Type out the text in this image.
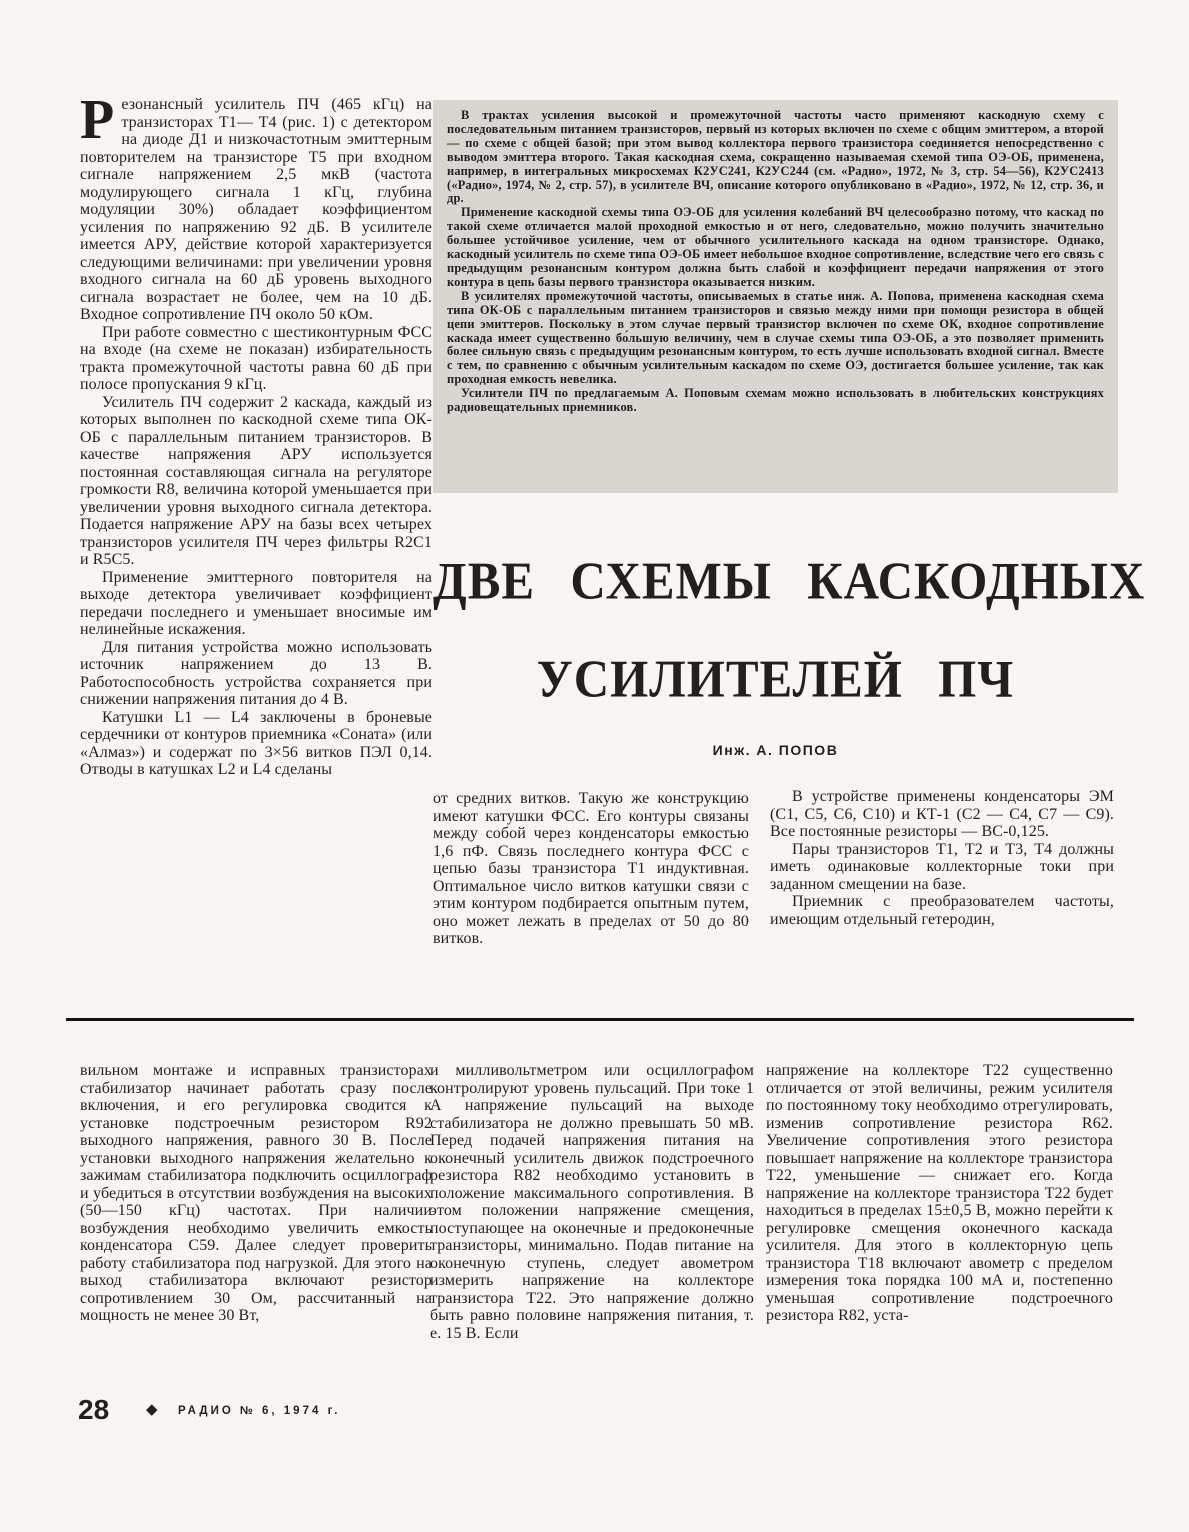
Резонансный усилитель ПЧ (465 кГц) на транзисторах Т1— Т4 (рис. 1) с детектором на диоде Д1 и низкочастотным эмиттерным повторителем на транзисторе Т5 при входном сигнале напряжением 2,5 мкВ (частота модулирующего сигнала 1 кГц, глубина модуляции 30%) обладает коэффициентом усиления по напряжению 92 дБ. В усилителе имеется АРУ, действие которой характеризуется следующими величинами: при увеличении уровня входного сигнала на 60 дБ уровень выходного сигнала возрастает не более, чем на 10 дБ. Входное сопротивление ПЧ около 50 кОм.

При работе совместно с шестиконтурным ФСС на входе (на схеме не показан) избирательность тракта промежуточной частоты равна 60 дБ при полосе пропускания 9 кГц.

Усилитель ПЧ содержит 2 каскада, каждый из которых выполнен по каскодной схеме типа ОК-ОБ с параллельным питанием транзисторов. В качестве напряжения АРУ используется постоянная составляющая сигнала на регуляторе громкости R8, величина которой уменьшается при увеличении уровня выходного сигнала детектора. Подается напряжение АРУ на базы всех четырех транзисторов усилителя ПЧ через фильтры R2C1 и R5C5.

Применение эмиттерного повторителя на выходе детектора увеличивает коэффициент передачи последнего и уменьшает вносимые им нелинейные искажения.

Для питания устройства можно использовать источник напряжением до 13 В. Работоспособность устройства сохраняется при снижении напряжения питания до 4 В.

Катушки L1 — L4 заключены в броневые сердечники от контуров приемника «Соната» (или «Алмаз») и содержат по 3×56 витков ПЭЛ 0,14. Отводы в катушках L2 и L4 сделаны

В трактах усиления высокой и промежуточной частоты часто применяют каскодную схему с последовательным питанием транзисторов, первый из которых включен по схеме с общим эмиттером, а второй — по схеме с общей базой; при этом вывод коллектора первого транзистора соединяется непосредственно с выводом эмиттера второго. Такая каскодная схема, сокращенно называемая схемой типа ОЭ-ОБ, применена, например, в интегральных микросхемах К2УС241, К2УС244 (см. «Радио», 1972, № 3, стр. 54—56), К2УС2413 («Радио», 1974, № 2, стр. 57), в усилителе ВЧ, описание которого опубликовано в «Радио», 1972, № 12, стр. 36, и др.

Применение каскодной схемы типа ОЭ-ОБ для усиления колебаний ВЧ целесообразно потому, что каскад по такой схеме отличается малой проходной емкостью и от него, следовательно, можно получить значительно большее устойчивое усиление, чем от обычного усилительного каскада на одном транзисторе. Однако, каскодный усилитель по схеме типа ОЭ-ОБ имеет небольшое входное сопротивление, вследствие чего его связь с предыдущим резонансным контуром должна быть слабой и коэффициент передачи напряжения от этого контура в цепь базы первого транзистора оказывается низким.

В усилителях промежуточной частоты, описываемых в статье инж. А. Попова, применена каскодная схема типа ОК-ОБ с параллельным питанием транзисторов и связью между ними при помощи резистора в общей цепи эмиттеров. Поскольку в этом случае первый транзистор включен по схеме ОК, входное сопротивление каскада имеет существенно бо́льшую величину, чем в случае схемы типа ОЭ-ОБ, а это позволяет применить более сильную связь с предыдущим резонансным контуром, то есть лучше использовать входной сигнал. Вместе с тем, по сравнению с обычным усилительным каскадом по схеме ОЭ, достигается большее усиление, так как проходная емкость невелика.

Усилители ПЧ по предлагаемым А. Поповым схемам можно использовать в любительских конструкциях радиовещательных приемников.

ДВЕ СХЕМЫ КАСКОДНЫХ
УСИЛИТЕЛЕЙ ПЧ
Инж. А. ПОПОВ

от средних витков. Такую же конструкцию имеют катушки ФСС. Его контуры связаны между собой через конденсаторы емкостью 1,6 пФ. Связь последнего контура ФСС с цепью базы транзистора Т1 индуктивная. Оптимальное число витков катушки связи с этим контуром подбирается опытным путем, оно может лежать в пределах от 50 до 80 витков.

В устройстве применены конденсаторы ЭМ (С1, С5, С6, С10) и КТ-1 (С2 — С4, С7 — С9). Все постоянные резисторы — ВС-0,125.

Пары транзисторов Т1, Т2 и Т3, Т4 должны иметь одинаковые коллекторные токи при заданном смещении на базе.

Приемник с преобразователем частоты, имеющим отдельный гетеродин,

вильном монтаже и исправных транзисторах стабилизатор начинает работать сразу после включения, и его регулировка сводится к установке подстроечным резистором R92 выходного напряжения, равного 30 В. После установки выходного напряжения желательно к зажимам стабилизатора подключить осциллограф и убедиться в отсутствии возбуждения на высоких (50—150 кГц) частотах. При наличии возбуждения необходимо увеличить емкость конденсатора С59. Далее следует проверить работу стабилизатора под нагрузкой. Для этого на выход стабилизатора включают резистор сопротивлением 30 Ом, рассчитанный на мощность не менее 30 Вт,

и милливольтметром или осциллографом контролируют уровень пульсаций. При токе 1 А напряжение пульсаций на выходе стабилизатора не должно превышать 50 мВ. Перед подачей напряжения питания на оконечный усилитель движок подстроечного резистора R82 необходимо установить в положение максимального сопротивления. В этом положении напряжение смещения, поступающее на оконечные и предоконечные транзисторы, минимально. Подав питание на оконечную ступень, следует авометром измерить напряжение на коллекторе транзистора Т22. Это напряжение должно быть равно половине напряжения питания, т. е. 15 В. Если

напряжение на коллекторе Т22 существенно отличается от этой величины, режим усилителя по постоянному току необходимо отрегулировать, изменив сопротивление резистора R62. Увеличение сопротивления этого резистора повышает напряжение на коллекторе транзистора Т22, уменьшение — снижает его. Когда напряжение на коллекторе транзистора Т22 будет находиться в пределах 15±0,5 В, можно перейти к регулировке смещения оконечного каскада усилителя. Для этого в коллекторную цепь транзистора Т18 включают авометр с пределом измерения тока порядка 100 мА и, постепенно уменьшая сопротивление подстроечного резистора R82, уста-

28 ◆ РАДИО № 6, 1974 г.
